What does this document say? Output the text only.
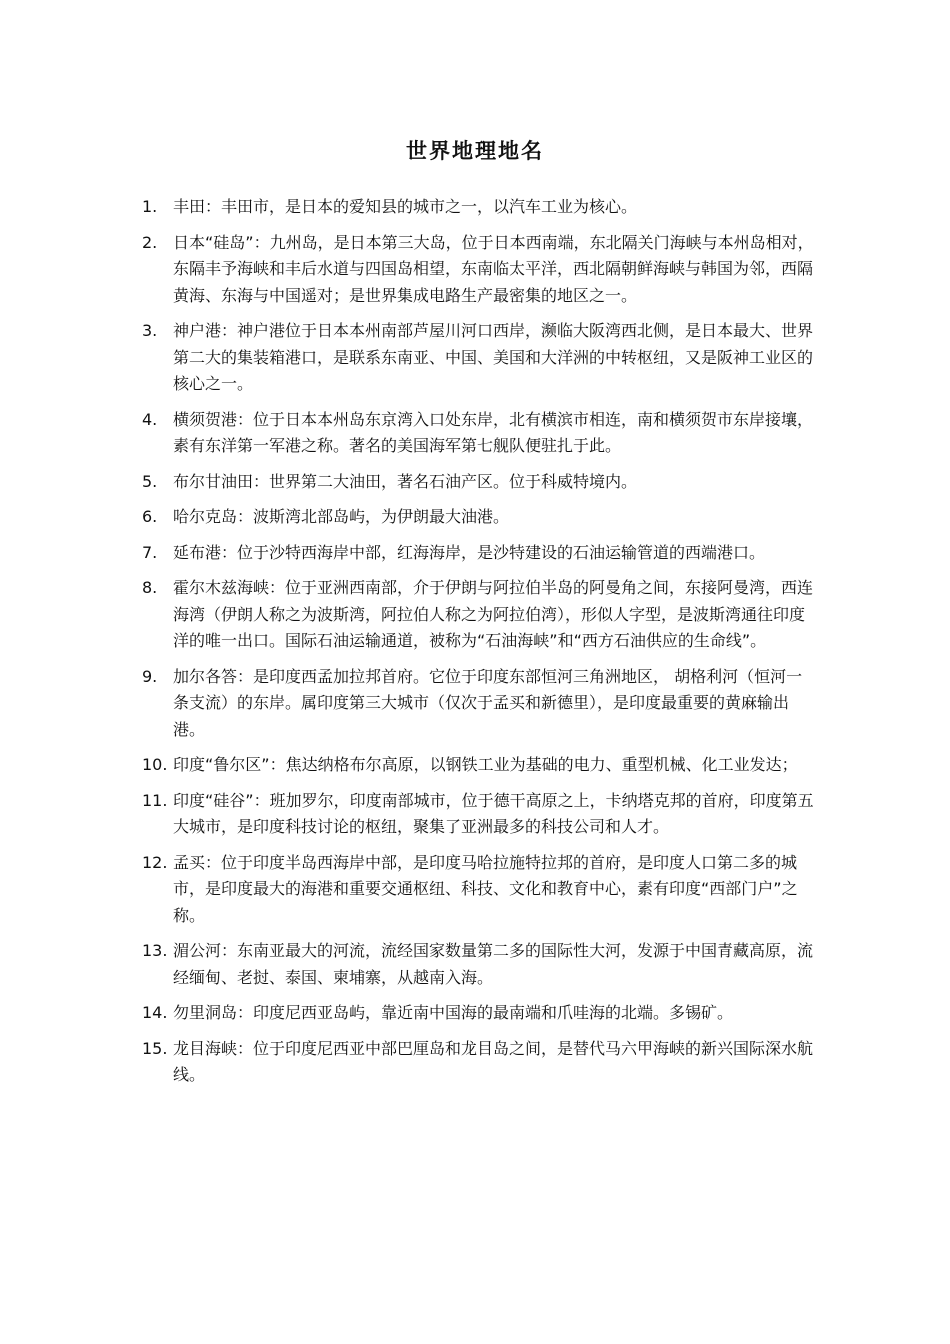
世界地理地名
1. 丰田：丰田市，是日本的爱知县的城市之一，以汽车工业为核心。
2. 日本“硅岛”：九州岛，是日本第三大岛，位于日本西南端，东北隔关门海峡与本州岛相对，东隔丰予海峡和丰后水道与四国岛相望，东南临太平洋，西北隔朝鲜海峡与韩国为邻，西隔黄海、东海与中国遥对；是世界集成电路生产最密集的地区之一。
3. 神户港：神户港位于日本本州南部芦屋川河口西岸，濒临大阪湾西北侧，是日本最大、世界第二大的集装箱港口，是联系东南亚、中国、美国和大洋洲的中转枢纽，又是阪神工业区的核心之一。
4. 横须贺港：位于日本本州岛东京湾入口处东岸，北有横滨市相连，南和横须贺市东岸接壤，素有东洋第一军港之称。著名的美国海军第七舰队便驻扎于此。
5. 布尔甘油田：世界第二大油田，著名石油产区。位于科威特境内。
6. 哈尔克岛：波斯湾北部岛屿，为伊朗最大油港。
7. 延布港：位于沙特西海岸中部，红海海岸，是沙特建设的石油运输管道的西端港口。
8. 霍尔木兹海峡：位于亚洲西南部，介于伊朗与阿拉伯半岛的阿曼角之间，东接阿曼湾，西连海湾（伊朗人称之为波斯湾，阿拉伯人称之为阿拉伯湾），形似人字型，是波斯湾通往印度洋的唯一出口。国际石油运输通道，被称为“石油海峡”和“西方石油供应的生命线”。
9. 加尔各答：是印度西孟加拉邦首府。它位于印度东部恒河三角洲地区， 胡格利河（恒河一条支流）的东岸。属印度第三大城市（仅次于孟买和新德里），是印度最重要的黄麻输出港。
10. 印度“鲁尔区”：焦达纳格布尔高原，以钢铁工业为基础的电力、重型机械、化工业发达；
11. 印度“硅谷”：班加罗尔，印度南部城市，位于德干高原之上，卡纳塔克邦的首府，印度第五大城市，是印度科技讨论的枢纽，聚集了亚洲最多的科技公司和人才。
12. 孟买：位于印度半岛西海岸中部，是印度马哈拉施特拉邦的首府，是印度人口第二多的城市，是印度最大的海港和重要交通枢纽、科技、文化和教育中心，素有印度“西部门户”之称。
13. 湄公河：东南亚最大的河流，流经国家数量第二多的国际性大河，发源于中国青藏高原，流经缅甸、老挝、泰国、柬埔寨，从越南入海。
14. 勿里洞岛：印度尼西亚岛屿，靠近南中国海的最南端和爪哇海的北端。多锡矿。
15. 龙目海峡：位于印度尼西亚中部巴厘岛和龙目岛之间，是替代马六甲海峡的新兴国际深水航线。
